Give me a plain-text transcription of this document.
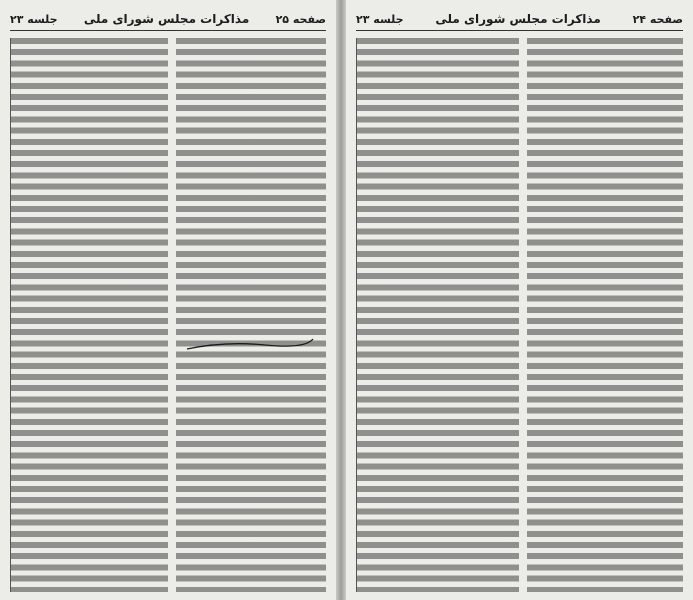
صفحه ۲۵
مذاکرات مجلس شورای ملی
جلسه ۲۳	صفحه ۲۴
مذاکرات مجلس شورای ملی
جلسه ۲۳
